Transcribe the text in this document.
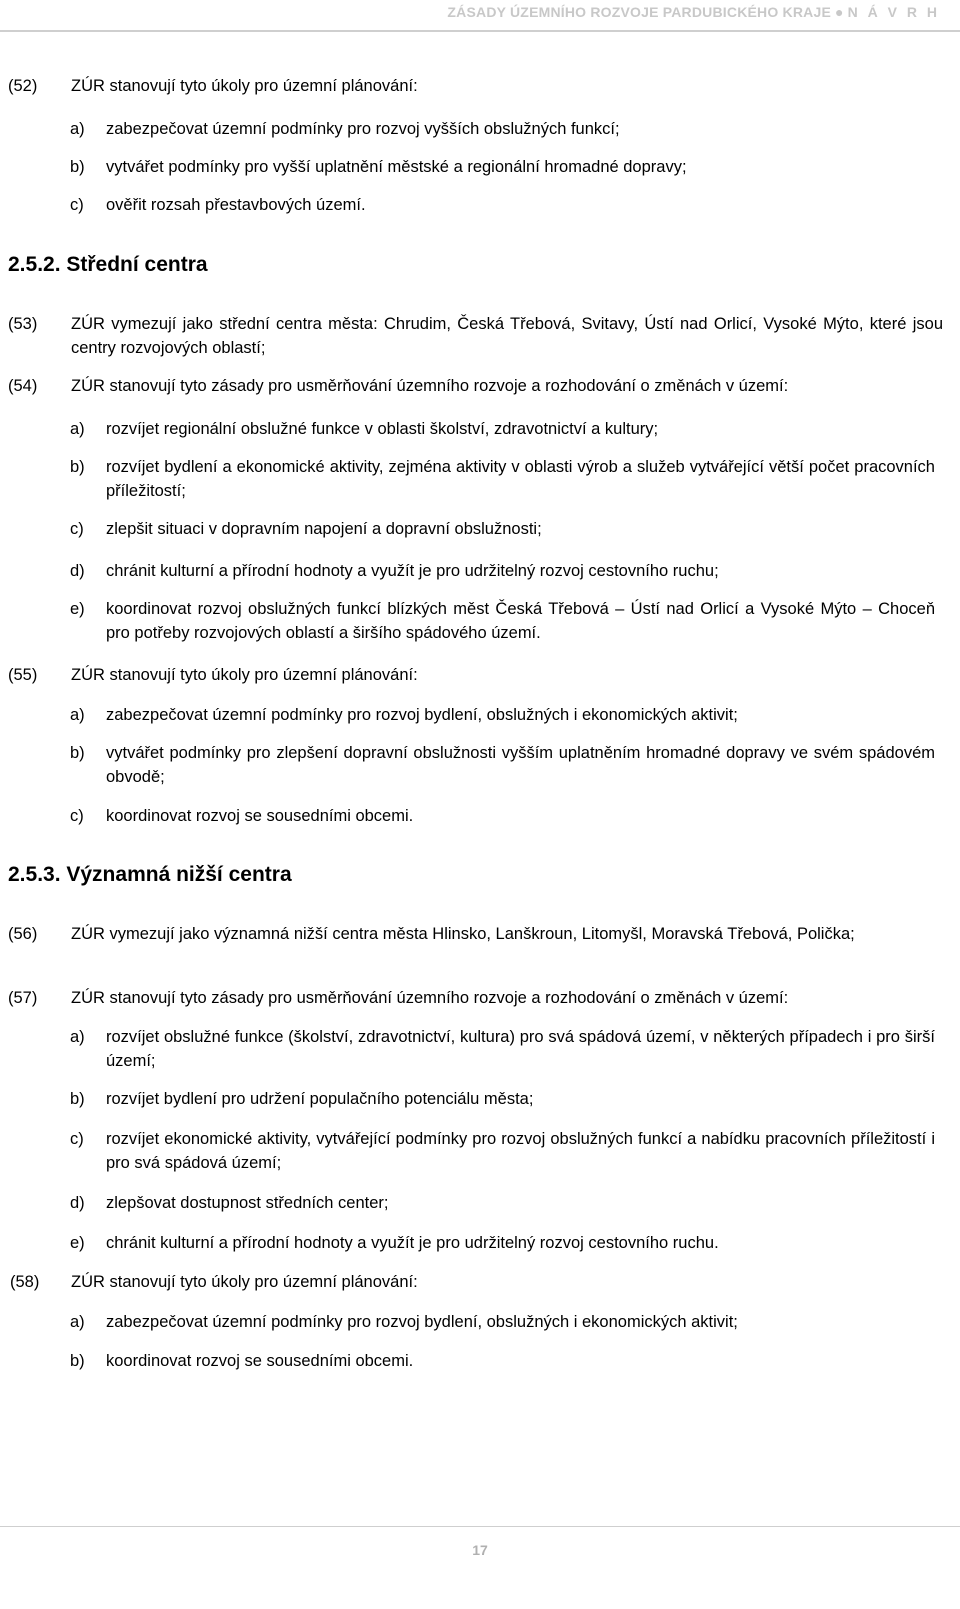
ZÁSADY ÚZEMNÍHO ROZVOJE PARDUBICKÉHO KRAJE ● N Á V R H
(52) ZÚR stanovují tyto úkoly pro územní plánování:
a) zabezpečovat územní podmínky pro rozvoj vyšších obslužných funkcí;
b) vytvářet podmínky pro vyšší uplatnění městské a regionální hromadné dopravy;
c) ověřit rozsah přestavbových území.
2.5.2. Střední centra
(53) ZÚR vymezují jako střední centra města: Chrudim, Česká Třebová, Svitavy, Ústí nad Orlicí, Vysoké Mýto, které jsou centry rozvojových oblastí;
(54) ZÚR stanovují tyto zásady pro usměrňování územního rozvoje a rozhodování o změnách v území:
a) rozvíjet regionální obslužné funkce v oblasti školství, zdravotnictví a kultury;
b) rozvíjet bydlení a ekonomické aktivity, zejména aktivity v oblasti výrob a služeb vytvářející větší počet pracovních příležitostí;
c) zlepšit situaci v dopravním napojení a dopravní obslužnosti;
d) chránit kulturní a přírodní hodnoty a využít je pro udržitelný rozvoj cestovního ruchu;
e) koordinovat rozvoj obslužných funkcí blízkých měst Česká Třebová – Ústí nad Orlicí a Vysoké Mýto – Choceň pro potřeby rozvojových oblastí a širšího spádového území.
(55) ZÚR stanovují tyto úkoly pro územní plánování:
a) zabezpečovat územní podmínky pro rozvoj bydlení, obslužných i ekonomických aktivit;
b) vytvářet podmínky pro zlepšení dopravní obslužnosti vyšším uplatněním hromadné dopravy ve svém spádovém obvodě;
c) koordinovat rozvoj se sousedními obcemi.
2.5.3. Významná nižší centra
(56) ZÚR vymezují jako významná nižší centra města Hlinsko, Lanškroun, Litomyšl, Moravská Třebová, Polička;
(57) ZÚR stanovují tyto zásady pro usměrňování územního rozvoje a rozhodování o změnách v území:
a) rozvíjet obslužné funkce (školství, zdravotnictví, kultura) pro svá spádová území, v některých případech i pro širší území;
b) rozvíjet bydlení pro udržení populačního potenciálu města;
c) rozvíjet ekonomické aktivity, vytvářející podmínky pro rozvoj obslužných funkcí a nabídku pracovních příležitostí i pro svá spádová území;
d) zlepšovat dostupnost středních center;
e) chránit kulturní a přírodní hodnoty a využít je pro udržitelný rozvoj cestovního ruchu.
(58) ZÚR stanovují tyto úkoly pro územní plánování:
a) zabezpečovat územní podmínky pro rozvoj bydlení, obslužných i ekonomických aktivit;
b) koordinovat rozvoj se sousedními obcemi.
17
